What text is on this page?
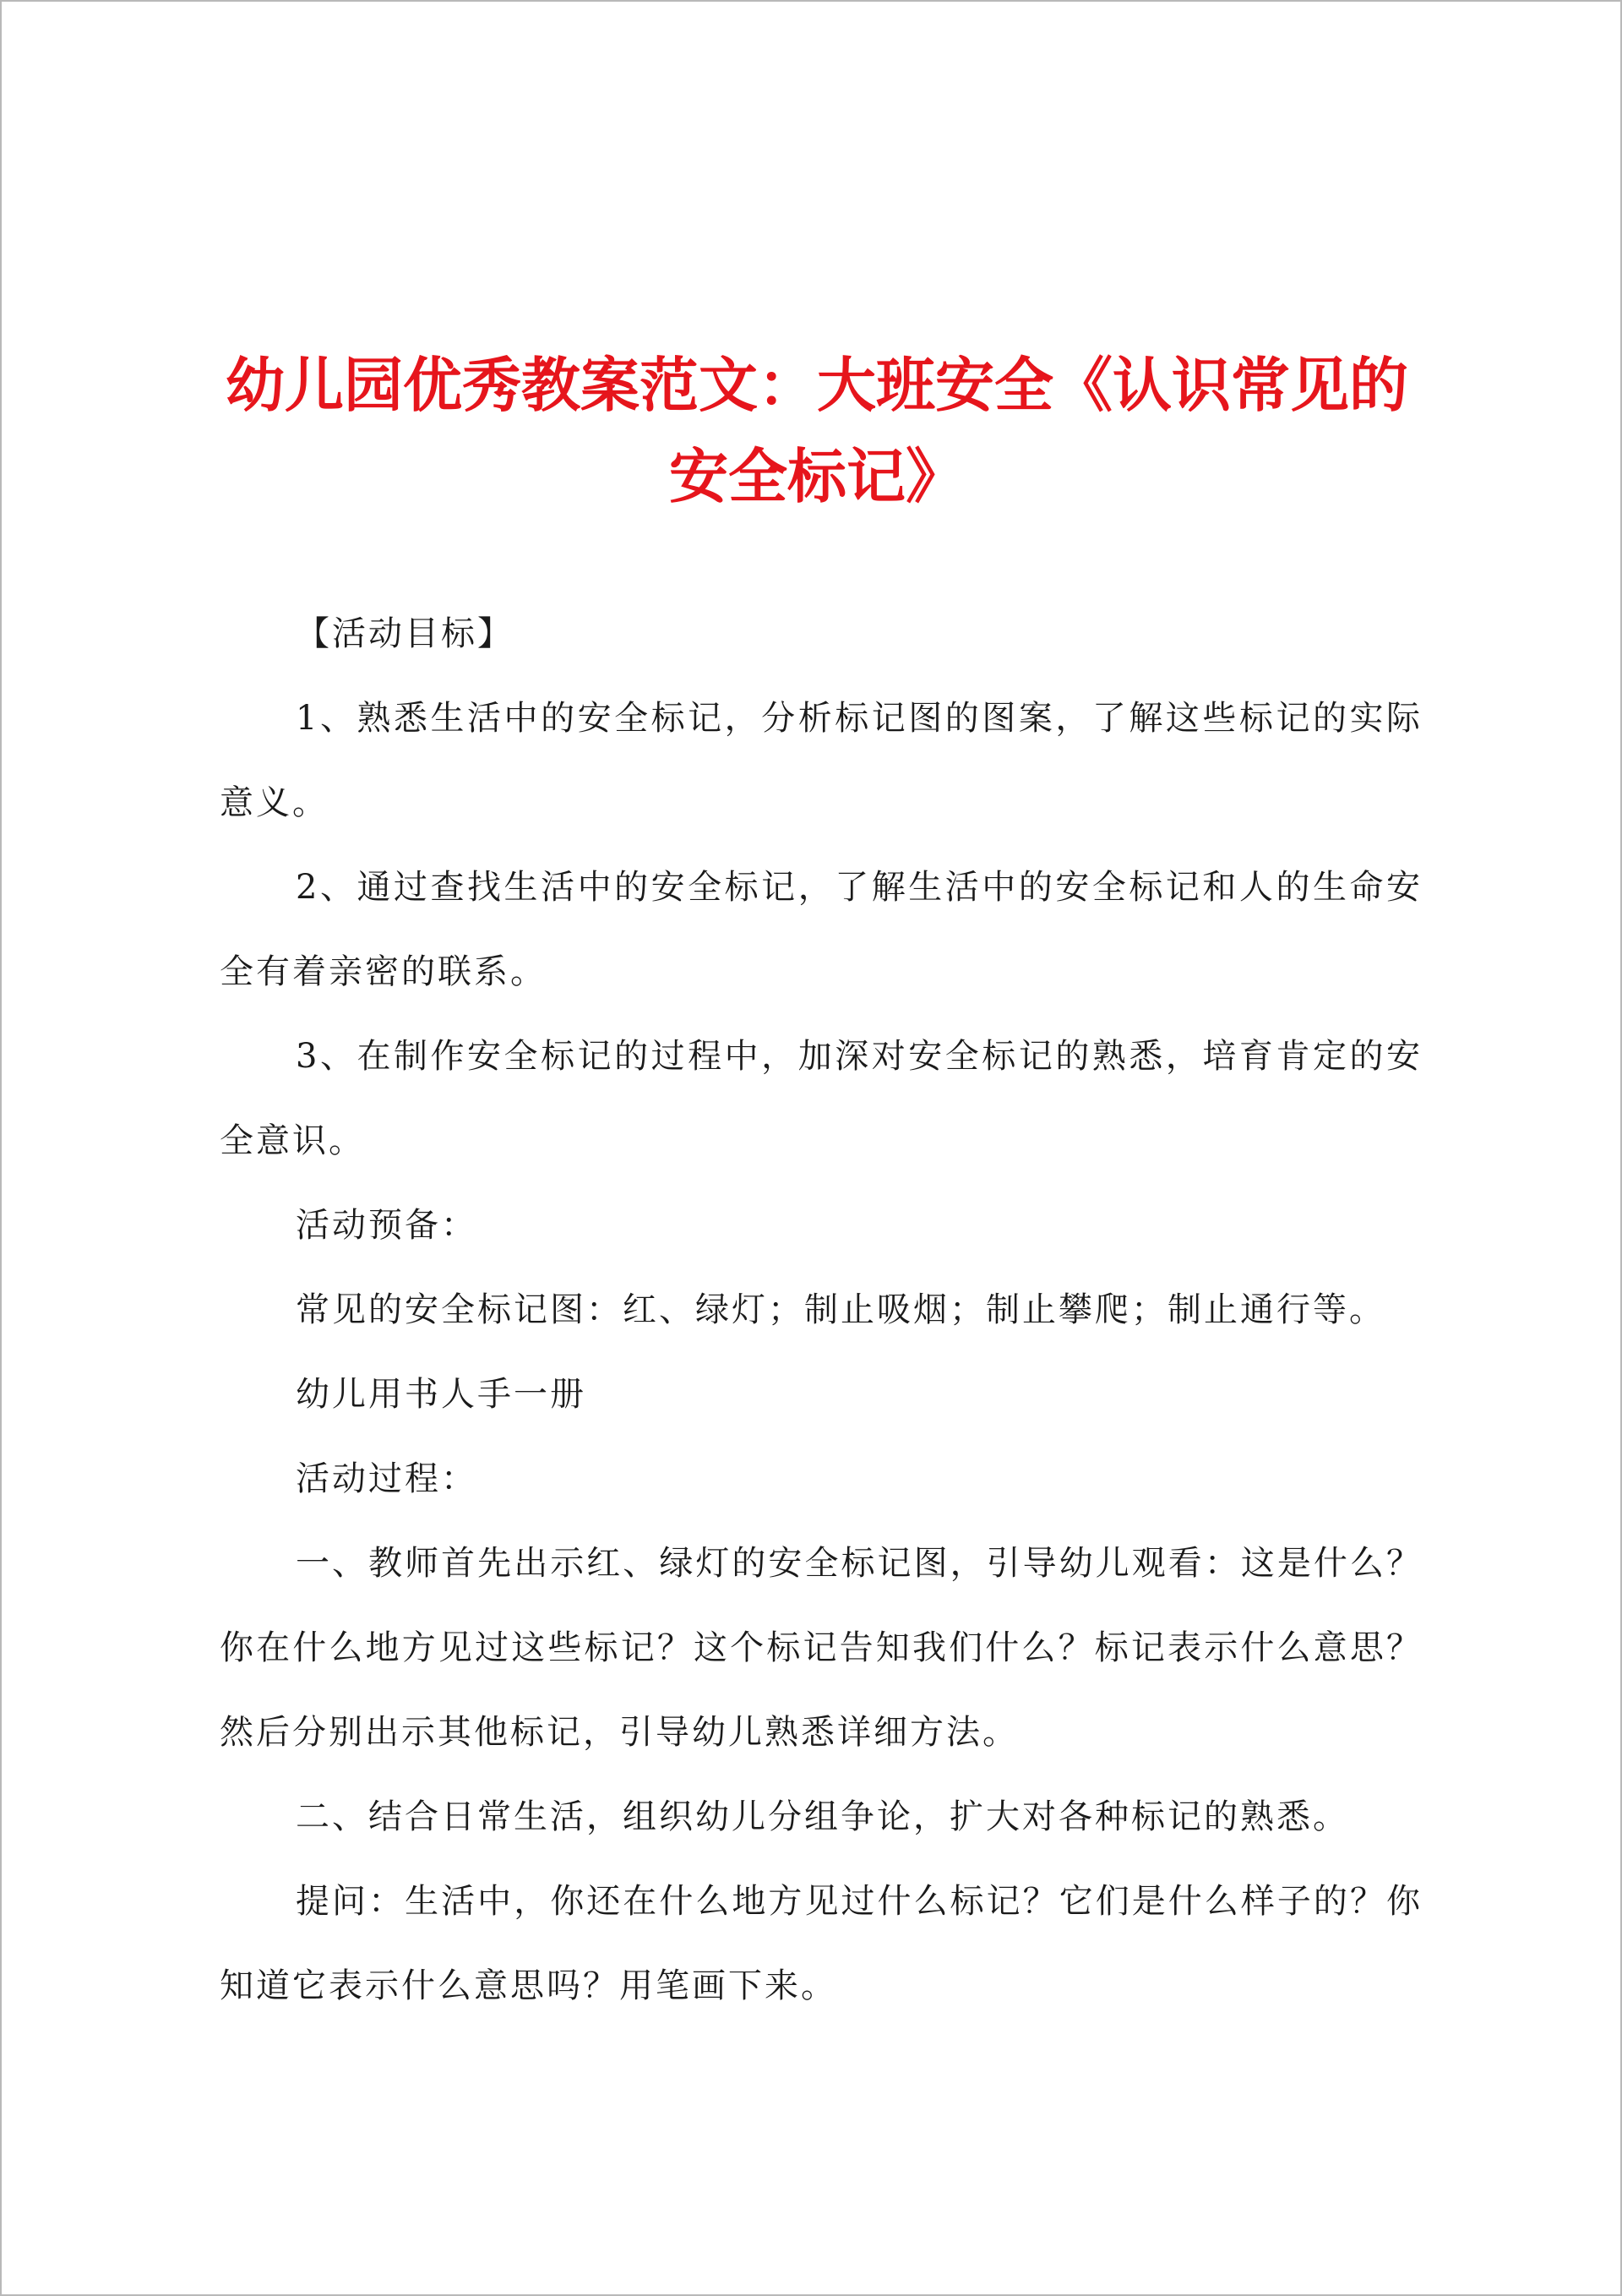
幼儿园优秀教案范文：大班安全《认识常见的安全标记》

【活动目标】

1、熟悉生活中的安全标记，分析标记图的图案，了解这些标记的实际意义。

2、通过查找生活中的安全标记，了解生活中的安全标记和人的生命安全有着亲密的联系。

3、在制作安全标记的过程中，加深对安全标记的熟悉，培育肯定的安全意识。

活动预备：

常见的安全标记图：红、绿灯；制止吸烟；制止攀爬；制止通行等。

幼儿用书人手一册

活动过程：

一、教师首先出示红、绿灯的安全标记图，引导幼儿观看：这是什么？你在什么地方见过这些标记？这个标记告知我们什么？标记表示什么意思？然后分别出示其他标记，引导幼儿熟悉详细方法。

二、结合日常生活，组织幼儿分组争论，扩大对各种标记的熟悉。

提问：生活中，你还在什么地方见过什么标记？它们是什么样子的？你知道它表示什么意思吗？用笔画下来。
